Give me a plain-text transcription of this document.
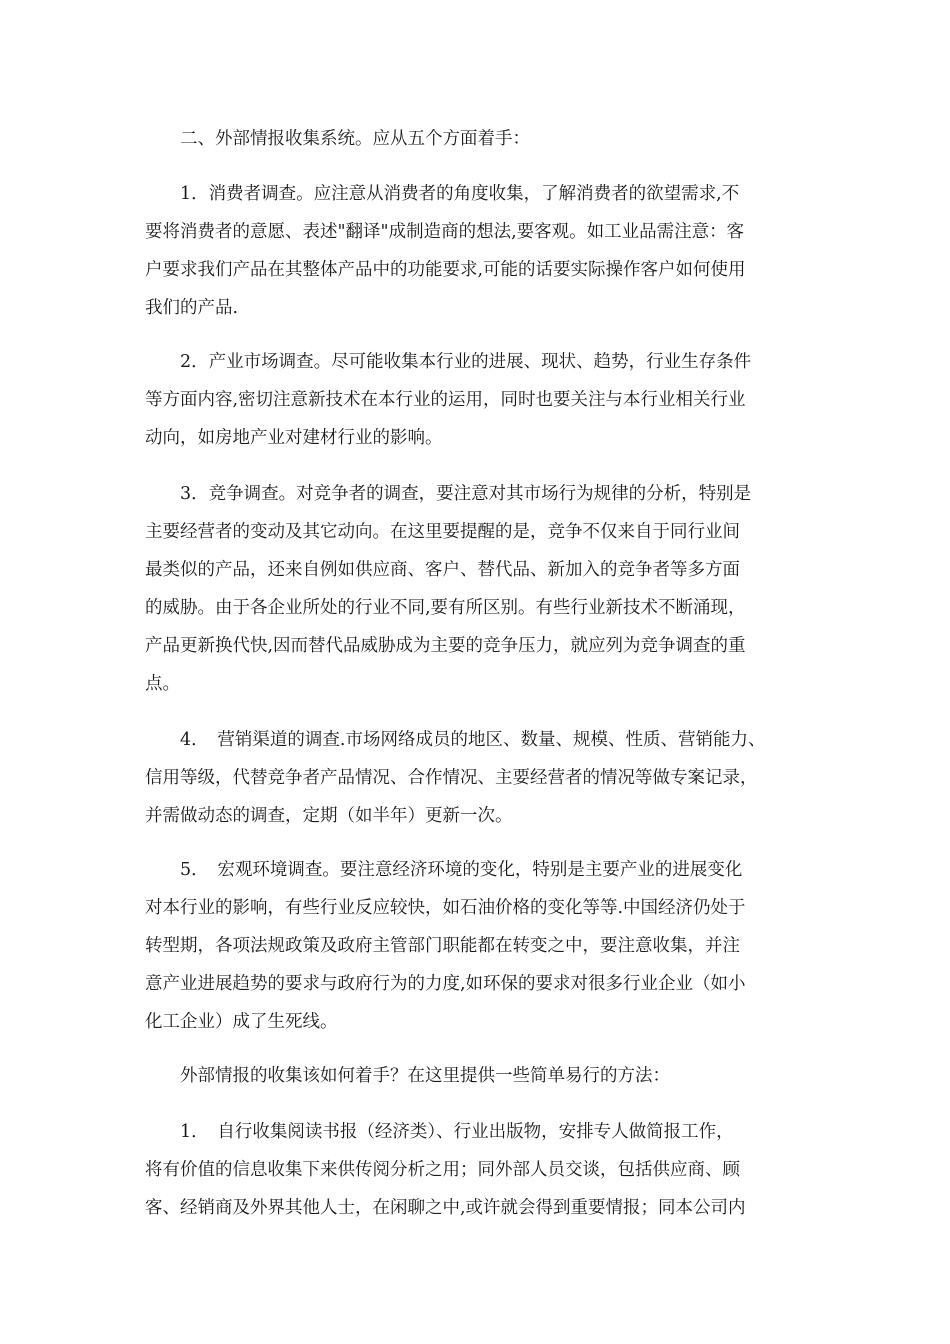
二、外部情报收集系统。应从五个方面着手：
1．消费者调查。应注意从消费者的角度收集，了解消费者的欲望需求,不
要将消费者的意愿、表述"翻译"成制造商的想法,要客观。如工业品需注意：客
户要求我们产品在其整体产品中的功能要求,可能的话要实际操作客户如何使用
我们的产品.
2．产业市场调查。尽可能收集本行业的进展、现状、趋势，行业生存条件
等方面内容,密切注意新技术在本行业的运用，同时也要关注与本行业相关行业
动向，如房地产业对建材行业的影响。
3．竞争调查。对竞争者的调查，要注意对其市场行为规律的分析，特别是
主要经营者的变动及其它动向。在这里要提醒的是，竞争不仅来自于同行业间
最类似的产品，还来自例如供应商、客户、替代品、新加入的竞争者等多方面
的威胁。由于各企业所处的行业不同,要有所区别。有些行业新技术不断涌现，
产品更新换代快,因而替代品威胁成为主要的竞争压力，就应列为竞争调查的重
点。
4．　营销渠道的调查.市场网络成员的地区、数量、规模、性质、营销能力、
信用等级，代替竞争者产品情况、合作情况、主要经营者的情况等做专案记录，
并需做动态的调查，定期（如半年）更新一次。
5．　宏观环境调查。要注意经济环境的变化，特别是主要产业的进展变化
对本行业的影响，有些行业反应较快，如石油价格的变化等等.中国经济仍处于
转型期，各项法规政策及政府主管部门职能都在转变之中，要注意收集，并注
意产业进展趋势的要求与政府行为的力度,如环保的要求对很多行业企业（如小
化工企业）成了生死线。
外部情报的收集该如何着手？在这里提供一些简单易行的方法：
1．　自行收集阅读书报（经济类）、行业出版物，安排专人做简报工作，
将有价值的信息收集下来供传阅分析之用；同外部人员交谈，包括供应商、顾
客、经销商及外界其他人士，在闲聊之中,或许就会得到重要情报；同本公司内
